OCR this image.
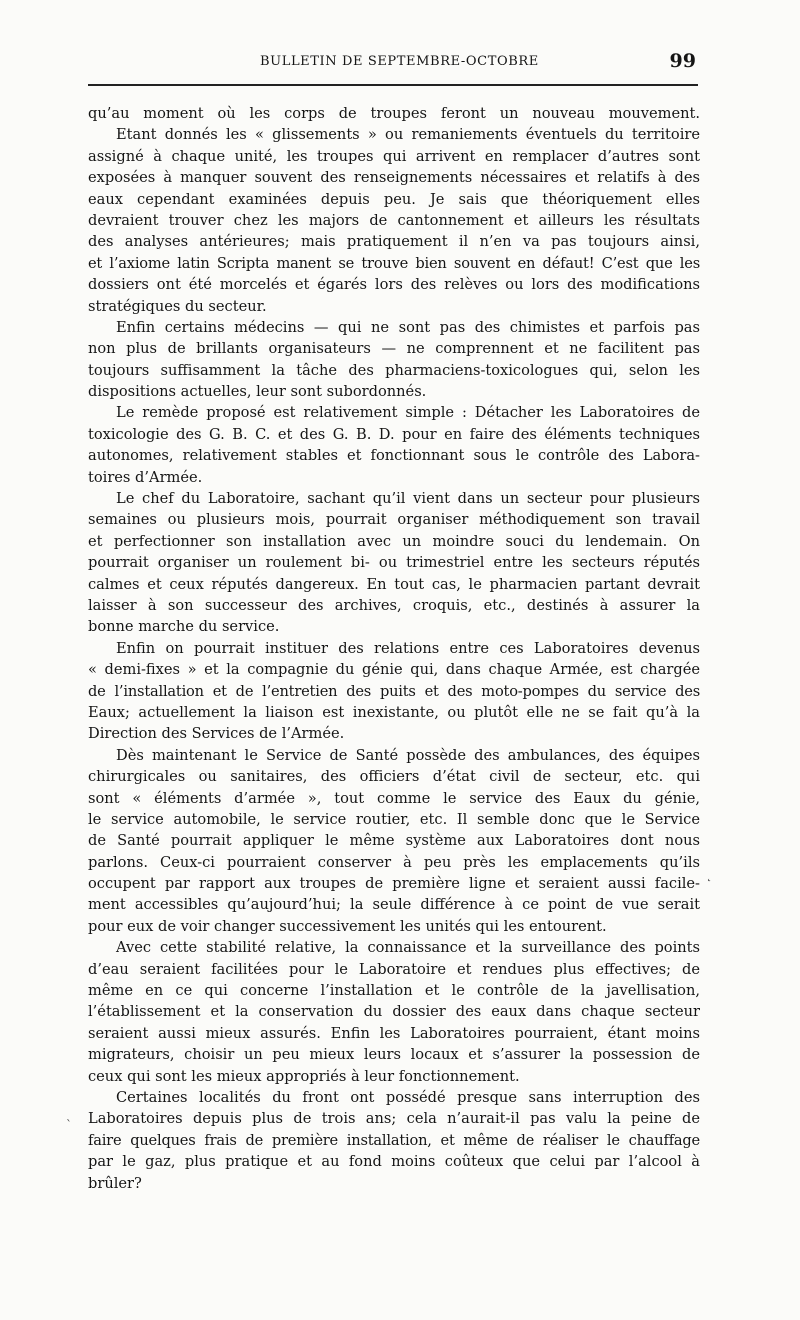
BULLETIN DE SEPTEMBRE-OCTOBRE	99
qu’au moment où les corps de troupes feront un nouveau mouvement.
Etant donnés les « glissements » ou remaniements éventuels du territoire
assigné à chaque unité, les troupes qui arrivent en remplacer d’autres sont
exposées à manquer souvent des renseignements nécessaires et relatifs à des
eaux cependant examinées depuis peu. Je sais que théoriquement elles
devraient trouver chez les majors de cantonnement et ailleurs les résultats
des analyses antérieures; mais pratiquement il n’en va pas toujours ainsi,
et l’axiome latin Scripta manent se trouve bien souvent en défaut! C’est que les
dossiers ont été morcelés et égarés lors des relèves ou lors des modifications
stratégiques du secteur.
Enfin certains médecins — qui ne sont pas des chimistes et parfois pas
non plus de brillants organisateurs — ne comprennent et ne facilitent pas
toujours suffisamment la tâche des pharmaciens-toxicologues qui, selon les
dispositions actuelles, leur sont subordonnés.
Le remède proposé est relativement simple : Détacher les Laboratoires de
toxicologie des G. B. C. et des G. B. D. pour en faire des éléments techniques
autonomes, relativement stables et fonctionnant sous le contrôle des Labora-
toires d’Armée.
Le chef du Laboratoire, sachant qu’il vient dans un secteur pour plusieurs
semaines ou plusieurs mois, pourrait organiser méthodiquement son travail
et perfectionner son installation avec un moindre souci du lendemain. On
pourrait organiser un roulement bi- ou trimestriel entre les secteurs réputés
calmes et ceux réputés dangereux. En tout cas, le pharmacien partant devrait
laisser à son successeur des archives, croquis, etc., destinés à assurer la
bonne marche du service.
Enfin on pourrait instituer des relations entre ces Laboratoires devenus
« demi-fixes » et la compagnie du génie qui, dans chaque Armée, est chargée
de l’installation et de l’entretien des puits et des moto-pompes du service des
Eaux; actuellement la liaison est inexistante, ou plutôt elle ne se fait qu’à la
Direction des Services de l’Armée.
Dès maintenant le Service de Santé possède des ambulances, des équipes
chirurgicales ou sanitaires, des officiers d’état civil de secteur, etc. qui
sont « éléments d’armée », tout comme le service des Eaux du génie,
le service automobile, le service routier, etc. Il semble donc que le Service
de Santé pourrait appliquer le même système aux Laboratoires dont nous
parlons. Ceux-ci pourraient conserver à peu près les emplacements qu’ils
occupent par rapport aux troupes de première ligne et seraient aussi facile-
ment accessibles qu’aujourd’hui; la seule différence à ce point de vue serait
pour eux de voir changer successivement les unités qui les entourent.
Avec cette stabilité relative, la connaissance et la surveillance des points
d’eau seraient facilitées pour le Laboratoire et rendues plus effectives; de
même en ce qui concerne l’installation et le contrôle de la javellisation,
l’établissement et la conservation du dossier des eaux dans chaque secteur
seraient aussi mieux assurés. Enfin les Laboratoires pourraient, étant moins
migrateurs, choisir un peu mieux leurs locaux et s’assurer la possession de
ceux qui sont les mieux appropriés à leur fonctionnement.
Certaines localités du front ont possédé presque sans interruption des
Laboratoires depuis plus de trois ans; cela n’aurait-il pas valu la peine de
faire quelques frais de première installation, et même de réaliser le chauffage
par le gaz, plus pratique et au fond moins coûteux que celui par l’alcool à
brûler?
˛
ˋ
